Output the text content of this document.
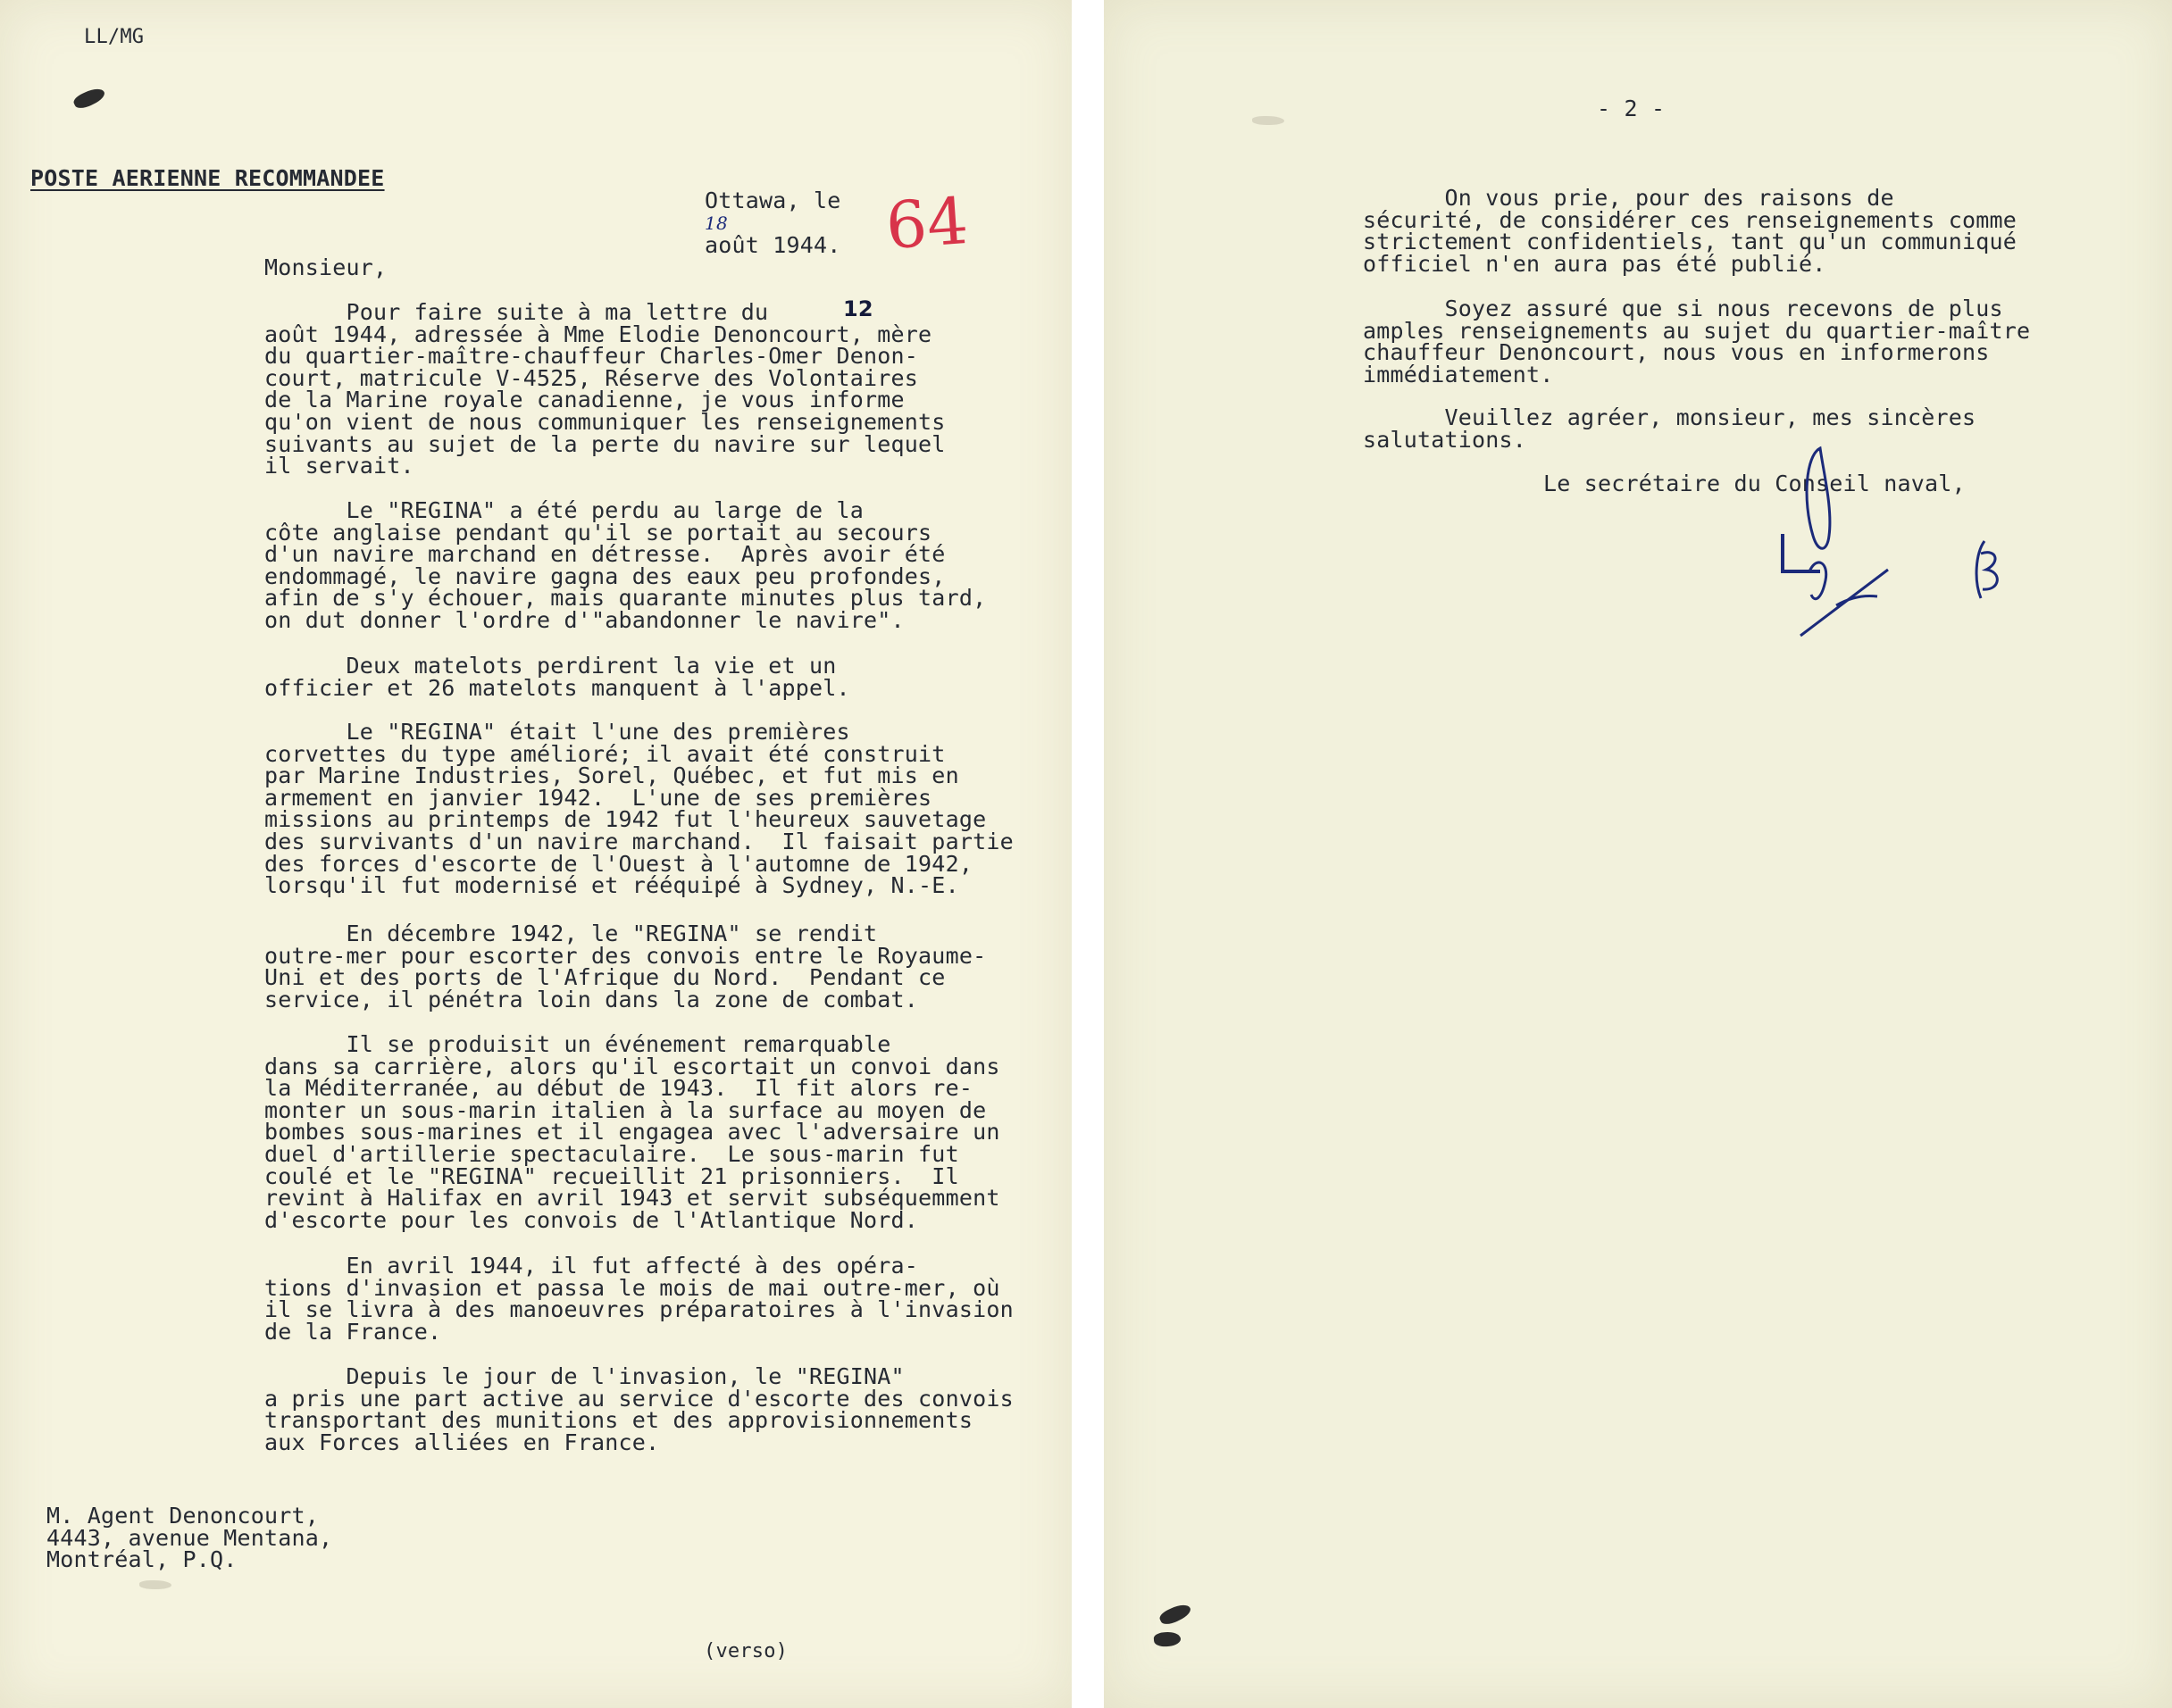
LL/MG
POSTE AERIENNE RECOMMANDEE

Ottawa, le
18
août 1944.
64
Monsieur,
Pour faire suite à ma lettre du
août 1944, adressée à Mme Elodie Denoncourt, mère
du quartier-maître-chauffeur Charles-Omer Denon-
court, matricule V-4525, Réserve des Volontaires
de la Marine royale canadienne, je vous informe
qu'on vient de nous communiquer les renseignements
suivants au sujet de la perte du navire sur lequel
il servait.
12
Le "REGINA" a été perdu au large de la
côte anglaise pendant qu'il se portait au secours
d'un navire marchand en détresse.  Après avoir été
endommagé, le navire gagna des eaux peu profondes,
afin de s'y échouer, mais quarante minutes plus tard,
on dut donner l'ordre d'"abandonner le navire".
Deux matelots perdirent la vie et un
officier et 26 matelots manquent à l'appel.
Le "REGINA" était l'une des premières
corvettes du type amélioré; il avait été construit
par Marine Industries, Sorel, Québec, et fut mis en
armement en janvier 1942.  L'une de ses premières
missions au printemps de 1942 fut l'heureux sauvetage
des survivants d'un navire marchand.  Il faisait partie
des forces d'escorte de l'Ouest à l'automne de 1942,
lorsqu'il fut modernisé et rééquipé à Sydney, N.-E.
En décembre 1942, le "REGINA" se rendit
outre-mer pour escorter des convois entre le Royaume-
Uni et des ports de l'Afrique du Nord.  Pendant ce
service, il pénétra loin dans la zone de combat.
Il se produisit un événement remarquable
dans sa carrière, alors qu'il escortait un convoi dans
la Méditerranée, au début de 1943.  Il fit alors re-
monter un sous-marin italien à la surface au moyen de
bombes sous-marines et il engagea avec l'adversaire un
duel d'artillerie spectaculaire.  Le sous-marin fut
coulé et le "REGINA" recueillit 21 prisonniers.  Il
revint à Halifax en avril 1943 et servit subséquemment
d'escorte pour les convois de l'Atlantique Nord.
En avril 1944, il fut affecté à des opéra-
tions d'invasion et passa le mois de mai outre-mer, où
il se livra à des manoeuvres préparatoires à l'invasion
de la France.
Depuis le jour de l'invasion, le "REGINA"
a pris une part active au service d'escorte des convois
transportant des munitions et des approvisionnements
aux Forces alliées en France.
M. Agent Denoncourt,
4443, avenue Mentana,
Montréal, P.Q.
(verso)
- 2 -
On vous prie, pour des raisons de
sécurité, de considérer ces renseignements comme
strictement confidentiels, tant qu'un communiqué
officiel n'en aura pas été publié.
Soyez assuré que si nous recevons de plus
amples renseignements au sujet du quartier-maître
chauffeur Denoncourt, nous vous en informerons
immédiatement.
Veuillez agréer, monsieur, mes sincères
salutations.
Le secrétaire du Conseil naval,
